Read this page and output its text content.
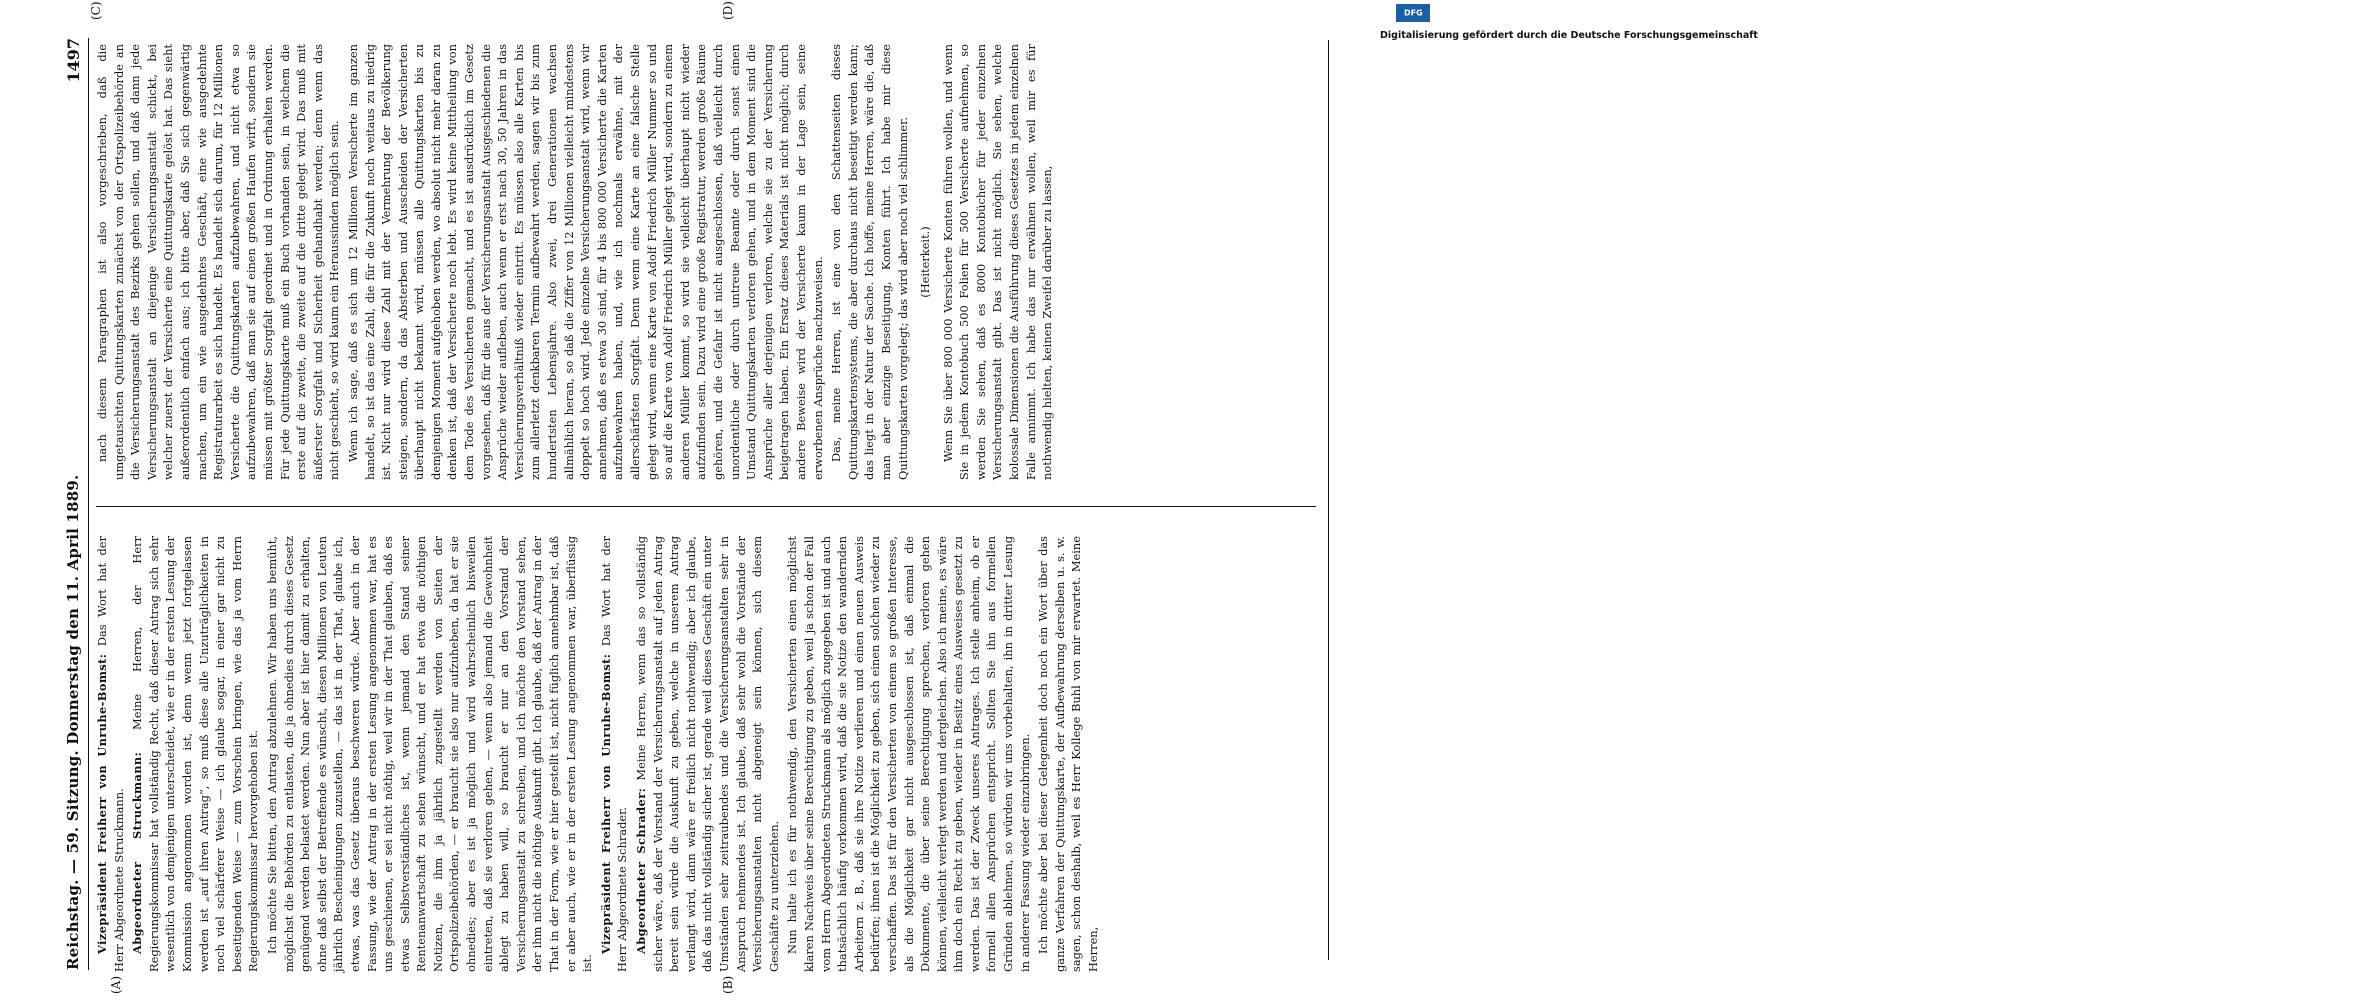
Reichstag. — 59. Sitzung. Donnerstag den 11. April 1889.
1497
(A)	(B)
(C)	(D)

Vizepräsident Freiherr von Unruhe-Bomst: Das Wort hat der Herr Abgeordnete Struckmann. Abgeordneter Struckmann: Meine Herren, der Herr Regierungskommissar hat vollständig Recht, daß dieser Antrag sich sehr wesentlich von demjenigen unterscheidet, wie er in der ersten Lesung der Kommission angenommen worden ist, denn wenn jetzt fortgelassen werden ist „auf ihren Antrag“, so muß diese alle Unzuträglichkeiten in noch viel schärferer Weise — ich glaube sogar, in einer gar nicht zu beseitigenden Weise — zum Vorschein bringen, wie das ja vom Herrn Regierungskommissar hervorgehoben ist. Ich möchte Sie bitten, den Antrag abzulehnen. Wir haben uns bemüht, möglichst die Behörden zu entlasten, die ja ohnedies durch dieses Gesetz genügend werden belastet werden. Nun aber ist hier damit zu erhalten, ohne daß selbst der Betreffende es wünscht, diesen Millionen von Leuten jährlich Bescheinigungen zuzustellen, — das ist in der That, glaube ich, etwas, was das Gesetz überaus beschweren würde. Aber auch in der Fassung, wie der Antrag in der ersten Lesung angenommen war, hat es uns geschienen, er sei nicht nöthig, weil wir in der That glauben, daß es etwas Selbstverständliches ist, wenn jemand den Stand seiner Rentenanwartschaft zu sehen wünscht, und er hat etwa die nöthigen Notizen, die ihm ja jährlich zugestellt werden von Seiten der Ortspolizeibehörden, — er braucht sie also nur aufzuheben, da hat er sie ohnedies; aber es ist ja möglich und wird wahrscheinlich bisweilen eintreten, daß sie verloren gehen, — wenn also jemand die Gewohnheit ablegt zu haben will, so braucht er nur an den Vorstand der Versicherungsanstalt zu schreiben, und ich möchte den Vorstand sehen, der ihm nicht die nöthige Auskunft gibt. Ich glaube, daß der Antrag in der That in der Form, wie er hier gestellt ist, nicht füglich annehmbar ist, daß er aber auch, wie er in der ersten Lesung angenommen war, überflüssig ist.

Vizepräsident Freiherr von Unruhe-Bomst: Das Wort hat der Herr Abgeordnete Schrader. Abgeordneter Schrader: Meine Herren, wenn das so vollständig sicher wäre, daß der Vorstand der Versicherungsanstalt auf jeden Antrag bereit sein würde die Auskunft zu geben, welche in unserem Antrag verlangt wird, dann wäre er freilich nicht nothwendig; aber ich glaube, daß das nicht vollständig sicher ist, gerade weil dieses Geschäft ein unter Umständen sehr zeitraubendes und die Versicherungsanstalten sehr in Anspruch nehmendes ist. Ich glaube, daß sehr wohl die Vorstände der Versicherungsanstalten nicht abgeneigt sein können, sich diesem Geschäfte zu unterziehen. Nun halte ich es für nothwendig, den Versicherten einen möglichst klaren Nachweis über seine Berechtigung zu geben, weil ja schon der Fall vom Herrn Abgeordneten Struckmann als möglich zugegeben ist und auch thatsächlich häufig vorkommen wird, daß die sie Notize den wandernden Arbeitern z. B., daß sie ihre Notize verlieren und einen neuen Ausweis bedürfen; ihnen ist die Möglichkeit zu geben, sich einen solchen wieder zu verschaffen. Das ist für den Versicherten von einem so großen Interesse, als die Möglichkeit gar nicht ausgeschlossen ist, daß einmal die Dokumente, die über seine Berechtigung sprechen, verloren gehen können, vielleicht verlegt werden und dergleichen. Also ich meine, es wäre ihm doch ein Recht zu geben, wieder in Besitz eines Ausweises gesetzt zu werden. Das ist der Zweck unseres Antrages. Ich stelle anheim, ob er formell allen Ansprüchen entspricht. Sollten Sie ihn aus formellen Gründen ablehnen, so würden wir uns vorbehalten, ihn in dritter Lesung in anderer Fassung wieder einzubringen. Ich möchte aber bei dieser Gelegenheit doch noch ein Wort über das ganze Verfahren der Quittungskarte, der Aufbewahrung derselben u. s. w. sagen, schon deshalb, weil es Herr Kollege Buhl von mir erwartet. Meine Herren,

nach diesem Paragraphen ist also vorgeschrieben, daß die umgetauschten Quittungskarten zunächst von der Ortspolizeibehörde an die Versicherungsanstalt des Bezirks gehen sollen, und daß dann jede Versicherungsanstalt an diejenige Versicherungsanstalt schickt, bei welcher zuerst der Versicherte eine Quittungskarte gelöst hat. Das sieht außerordentlich einfach aus; ich bitte aber, daß Sie sich gegenwärtig machen, um ein wie ausgedehntes Geschäft, eine wie ausgedehnte Registraturarbeit es sich handelt. Es handelt sich darum, für 12 Millionen Versicherte die Quittungskarten aufzubewahren, und nicht etwa so aufzubewahren, daß man sie auf einen großen Haufen wirft, sondern sie müssen mit größter Sorgfalt geordnet und in Ordnung erhalten werden. Für jede Quittungskarte muß ein Buch vorhanden sein, in welchem die erste auf die zweite, die zweite auf die dritte gelegt wird. Das muß mit äußerster Sorgfalt und Sicherheit gehandhabt werden; denn wenn das nicht geschieht, so wird kaum ein Heraussinden möglich sein. Wenn ich sage, daß es sich um 12 Millionen Versicherte im ganzen handelt, so ist das eine Zahl, die für die Zukunft noch weitaus zu niedrig ist. Nicht nur wird diese Zahl mit der Vermehrung der Bevölkerung steigen, sondern, da das Absterben und Ausscheiden der Versicherten überhaupt nicht bekannt wird, müssen alle Quittungskarten bis zu demjenigen Moment aufgehoben werden, wo absolut nicht mehr daran zu denken ist, daß der Versicherte noch lebt. Es wird keine Mittheilung von dem Tode des Versicherten gemacht, und es ist ausdrücklich im Gesetz vorgesehen, daß für die aus der Versicherungsanstalt Ausgeschiedenen die Ansprüche wieder aufleben, auch wenn er erst nach 30, 50 Jahren in das Versicherungsverhältniß wieder eintritt. Es müssen also alle Karten bis zum allerletzt denkbaren Termin aufbewahrt werden, sagen wir bis zum hundertsten Lebensjahre. Also zwei, drei Generationen wachsen allmählich heran, so daß die Ziffer von 12 Millionen vielleicht mindestens doppelt so hoch wird. Jede einzelne Versicherungsanstalt wird, wenn wir annehmen, daß es etwa 30 sind, für 4 bis 800 000 Versicherte die Karten aufzubewahren haben, und, wie ich nochmals erwähne, mit der allerschärfsten Sorgfalt. Denn wenn eine Karte an eine falsche Stelle gelegt wird, wenn eine Karte von Adolf Friedrich Müller Nummer so und so auf die Karte von Adolf Friedrich Müller gelegt wird, sondern zu einem anderen Müller kommt, so wird sie vielleicht überhaupt nicht wieder aufzufinden sein. Dazu wird eine große Registratur, werden große Räume gehören, und die Gefahr ist nicht ausgeschlossen, daß vielleicht durch unordentliche oder durch untreue Beamte oder durch sonst einen Umstand Quittungskarten verloren gehen, und in dem Moment sind die Ansprüche aller derjenigen verloren, welche sie zu der Versicherung beigetragen haben. Ein Ersatz dieses Materials ist nicht möglich; durch andere Beweise wird der Versicherte kaum in der Lage sein, seine erworbenen Ansprüche nachzuweisen. Das, meine Herren, ist eine von den Schattenseiten dieses Quittungskartensystems, die aber durchaus nicht beseitigt werden kann; das liegt in der Natur der Sache. Ich hoffe, meine Herren, wäre die, daß man aber einzige Beseitigung, Konten führt. Ich habe mir diese Quittungskarten vorgelegt; das wird aber noch viel schlimmer. (Heiterkeit.) Wenn Sie über 800 000 Versicherte Konten führen wollen, und wenn Sie in jedem Kontobuch 500 Folien für 500 Versicherte aufnehmen, so werden Sie sehen, daß es 8000 Kontobücher für jeder einzelnen Versicherungsanstalt gibt. Das ist nicht möglich. Sie sehen, welche kolossale Dimensionen die Ausführung dieses Gesetzes in jedem einzelnen Falle annimmt. Ich habe das nur erwähnen wollen, weil mir es für nothwendig hielten, keinen Zweifel darüber zu lassen,

DFG
Digitalisierung gefördert durch die Deutsche Forschungsgemeinschaft
